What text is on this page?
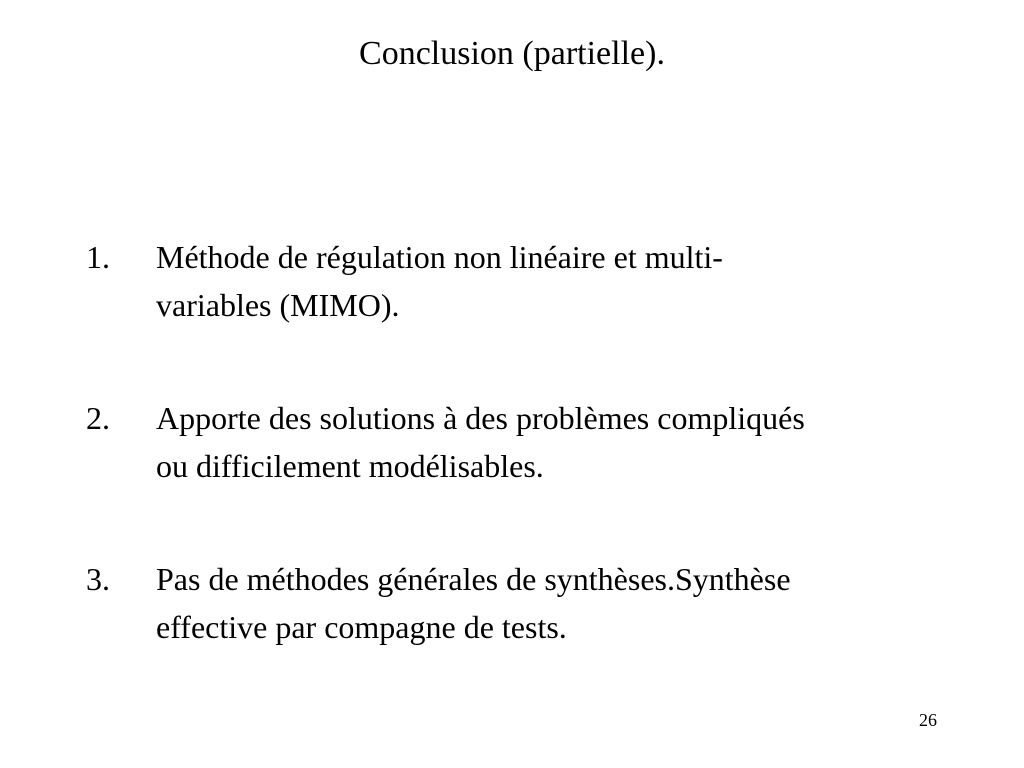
Conclusion (partielle).
1. Méthode de régulation non linéaire et multi-
variables (MIMO).
2. Apporte des solutions à des problèmes compliqués
ou difficilement modélisables.
3. Pas de méthodes générales de synthèses.Synthèse
effective par compagne de tests.
26
